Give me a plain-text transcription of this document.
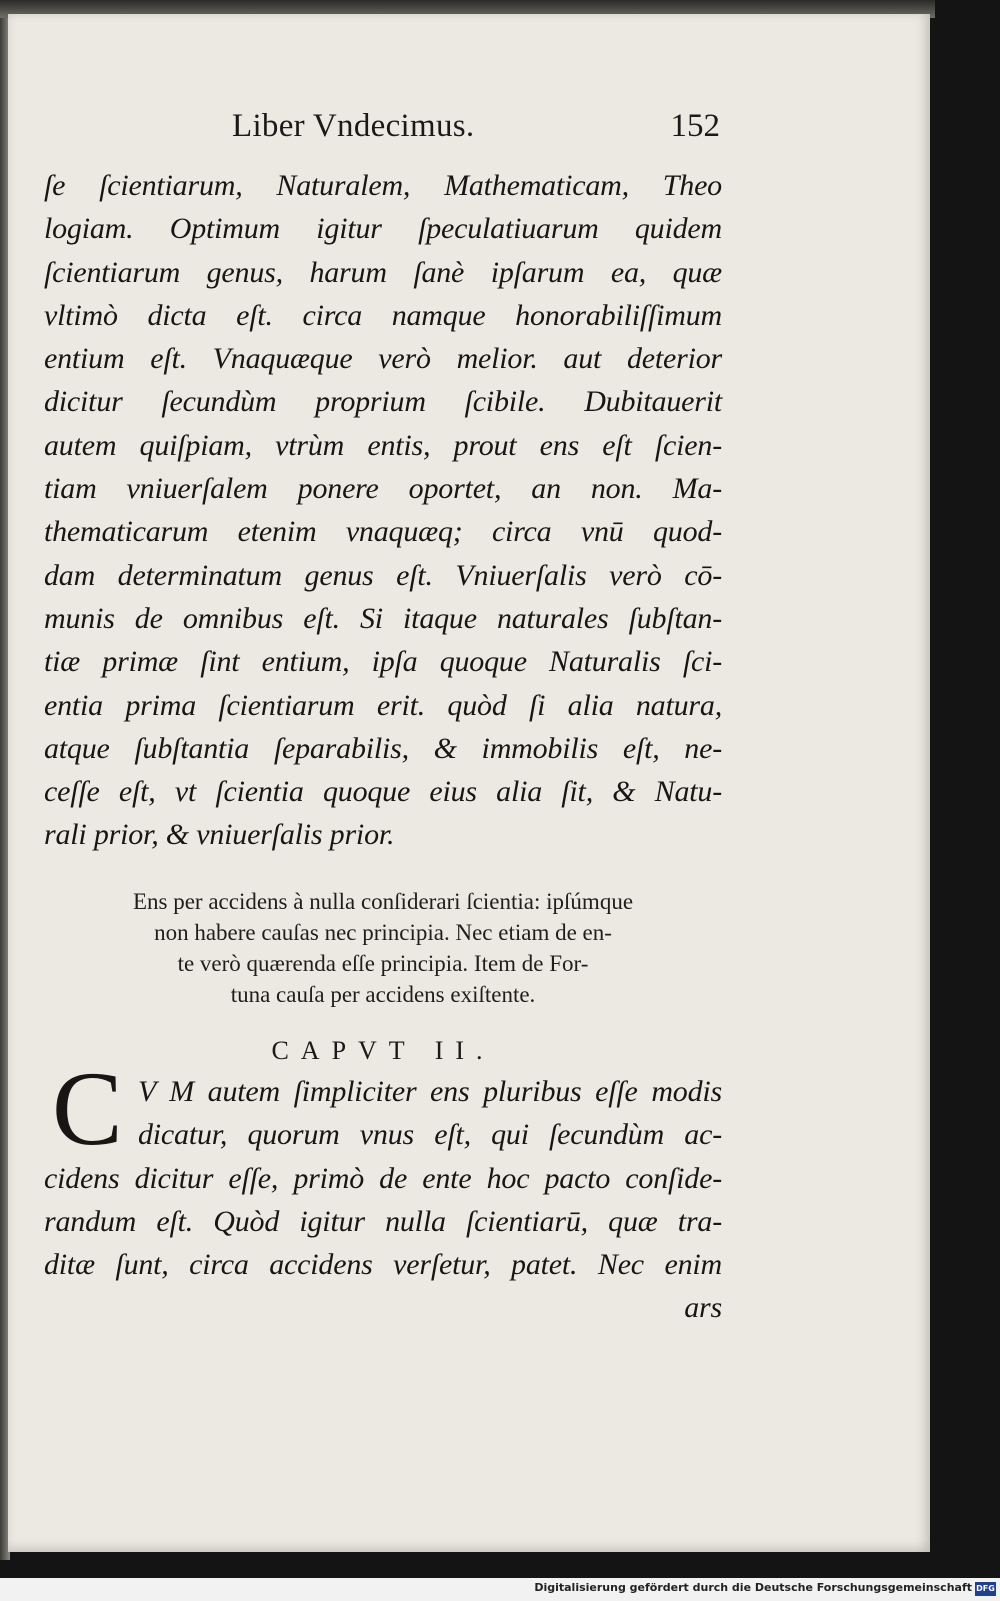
Liber Vndecimus.	152
ſe ſcientiarum, Naturalem, Mathematicam, Theo
logiam. Optimum igitur ſpeculatiuarum quidem
ſcientiarum genus, harum ſanè ipſarum ea, quæ
vltimò dicta eſt. circa namque honorabiliſſimum
entium eſt. Vnaquæque verò melior. aut deterior
dicitur ſecundùm proprium ſcibile. Dubitauerit
autem quiſpiam, vtrùm entis, prout ens eſt ſcien-
tiam vniuerſalem ponere oportet, an non. Ma-
thematicarum etenim vnaquæq; circa vnū quod-
dam determinatum genus eſt. Vniuerſalis verò cō-
munis de omnibus eſt. Si itaque naturales ſubſtan-
tiæ primæ ſint entium, ipſa quoque Naturalis ſci-
entia prima ſcientiarum erit. quòd ſi alia natura,
atque ſubſtantia ſeparabilis, & immobilis eſt, ne-
ceſſe eſt, vt ſcientia quoque eius alia ſit, & Natu-
rali prior, & vniuerſalis prior.
Ens per accidens à nulla conſiderari ſcientia: ipſúmque
non habere cauſas nec principia. Nec etiam de en-
te verò quærenda eſſe principia. Item de For-
tuna cauſa per accidens exiſtente.
CAPVT II.
C V M autem ſimpliciter ens pluribus eſſe modis
dicatur, quorum vnus eſt, qui ſecundùm ac-
cidens dicitur eſſe, primò de ente hoc pacto conſide-
randum eſt. Quòd igitur nulla ſcientiarū, quæ tra-
ditæ ſunt, circa accidens verſetur, patet. Nec enim
ars
Digitalisierung gefördert durch die Deutsche Forschungsgemeinschaft DFG
